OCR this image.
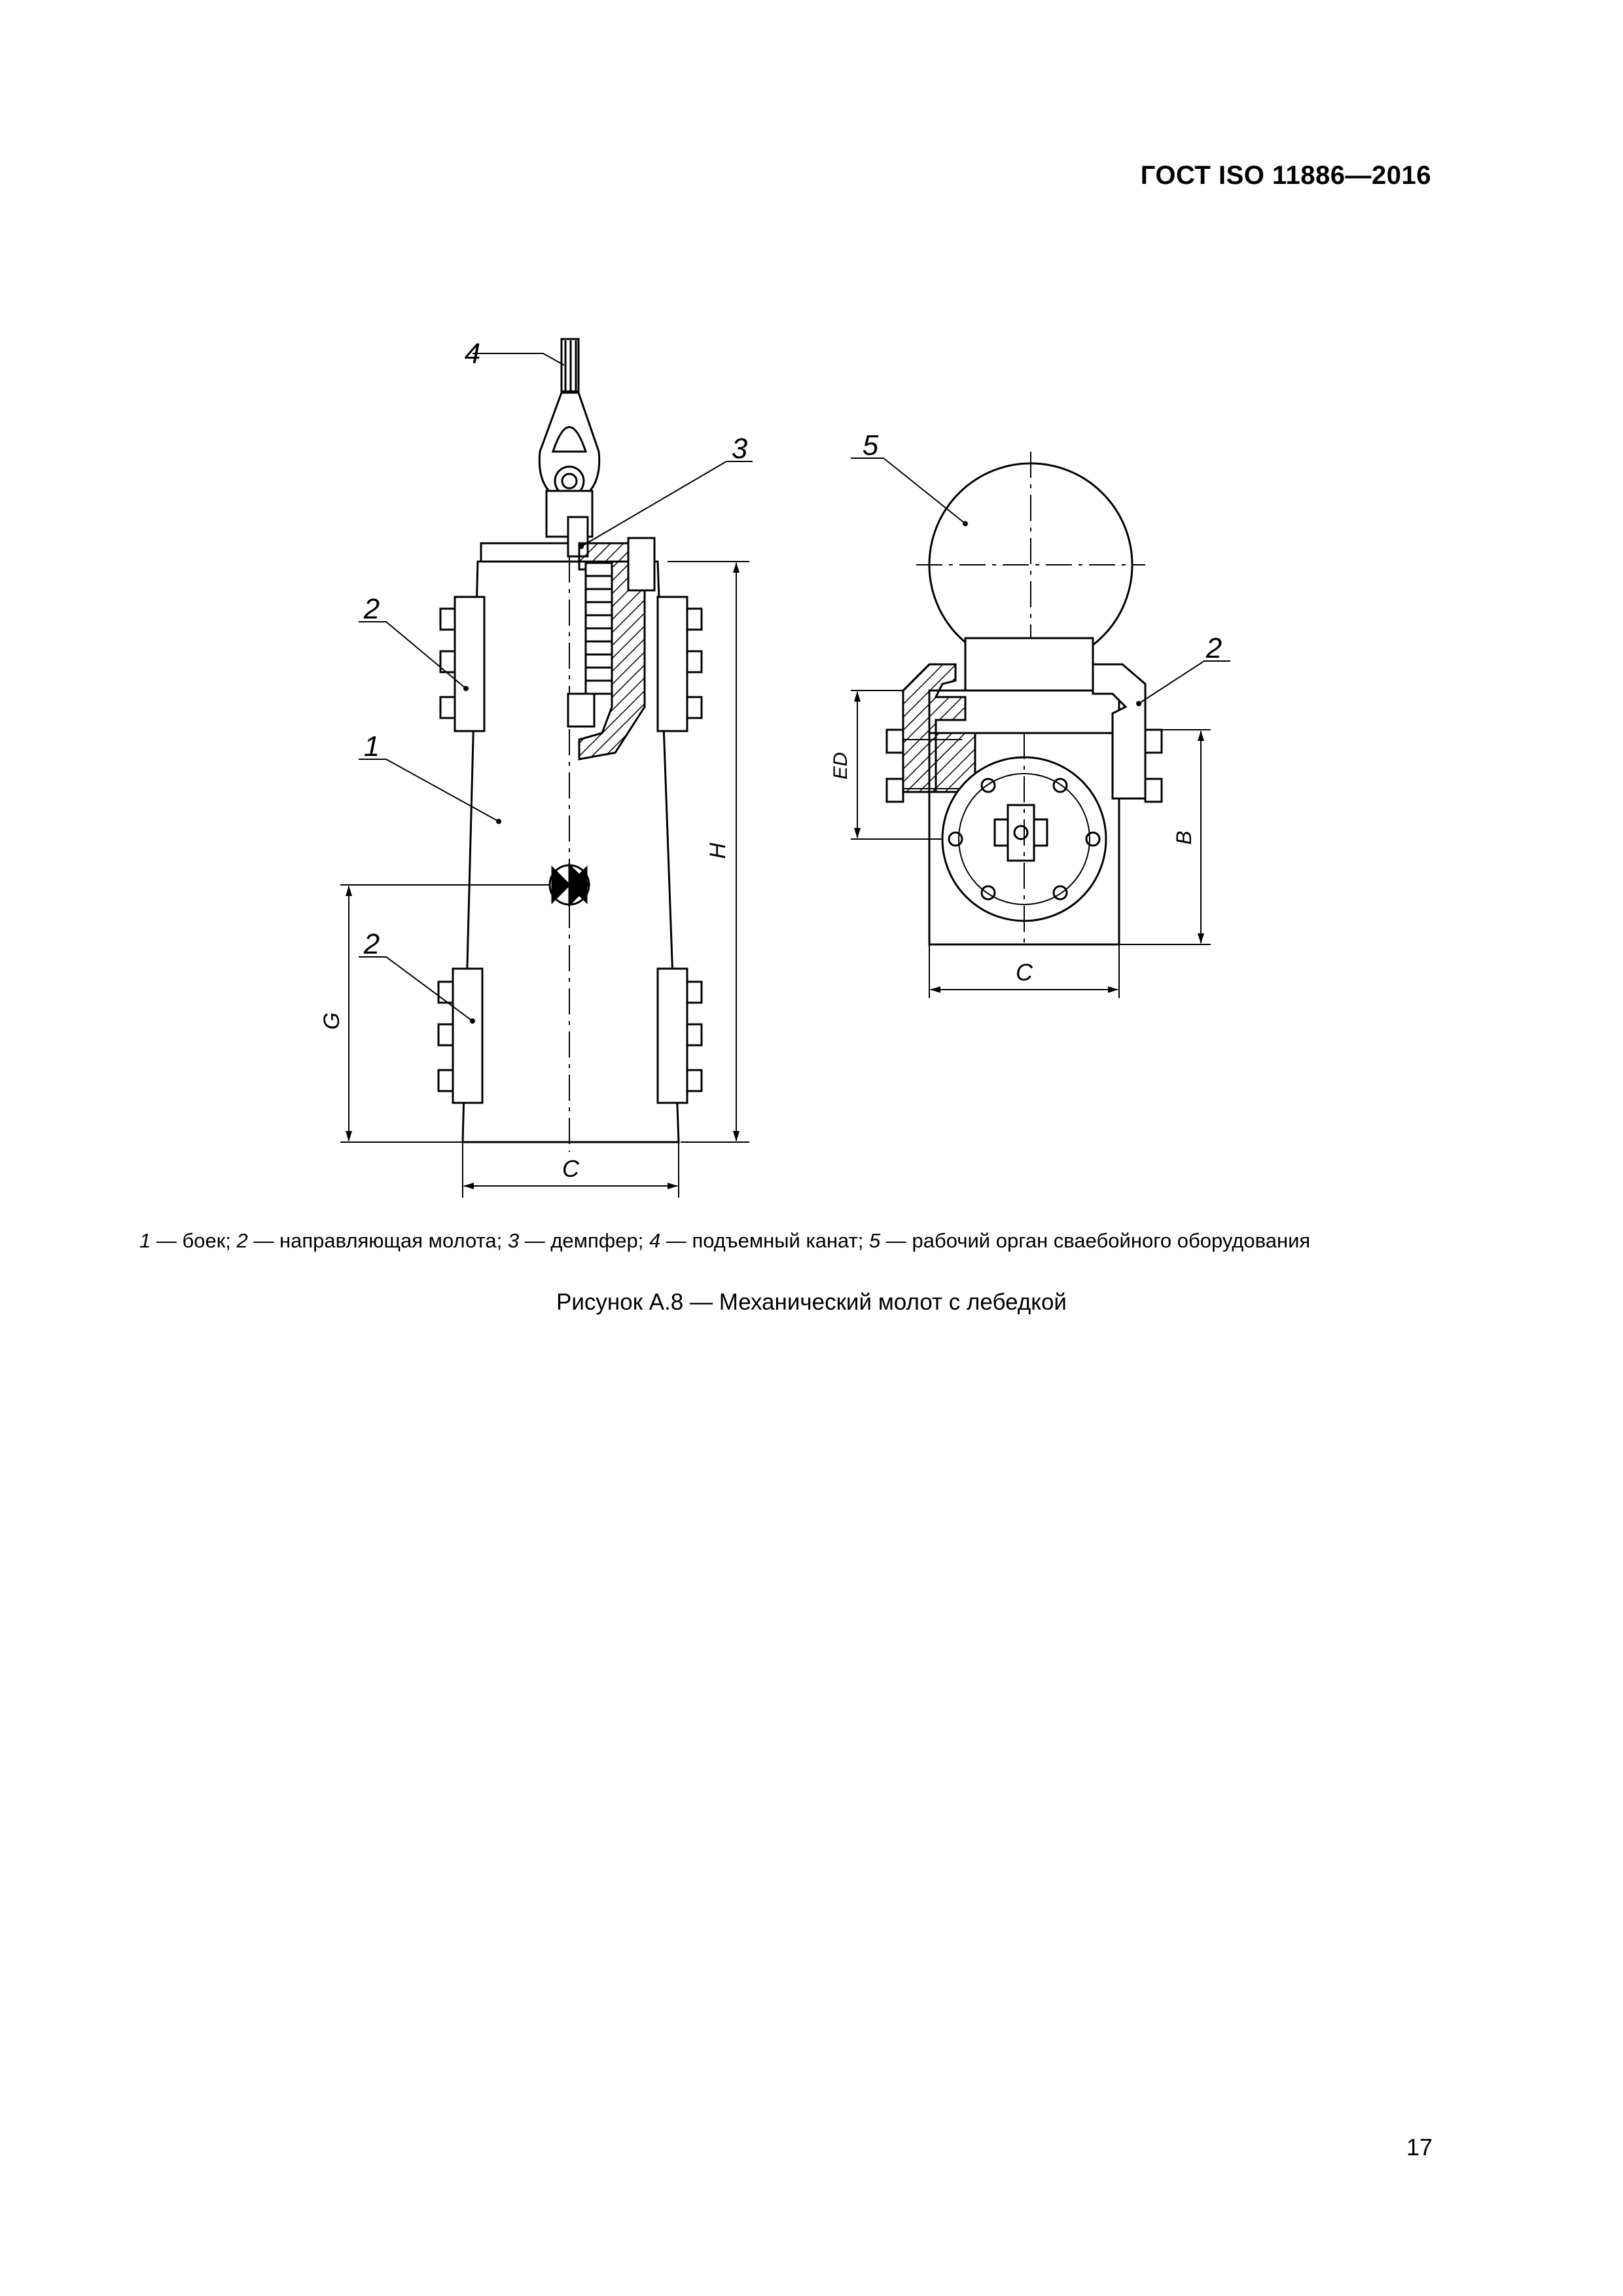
ГОСТ ISO 11886—2016
4
3
2
1
2
H
G
C
5
2
ED
B
C
1 — боек; 2 — направляющая молота; 3 — демпфер; 4 — подъемный канат; 5 — рабочий орган сваебойного оборудования
Рисунок А.8 — Механический молот с лебедкой
17
